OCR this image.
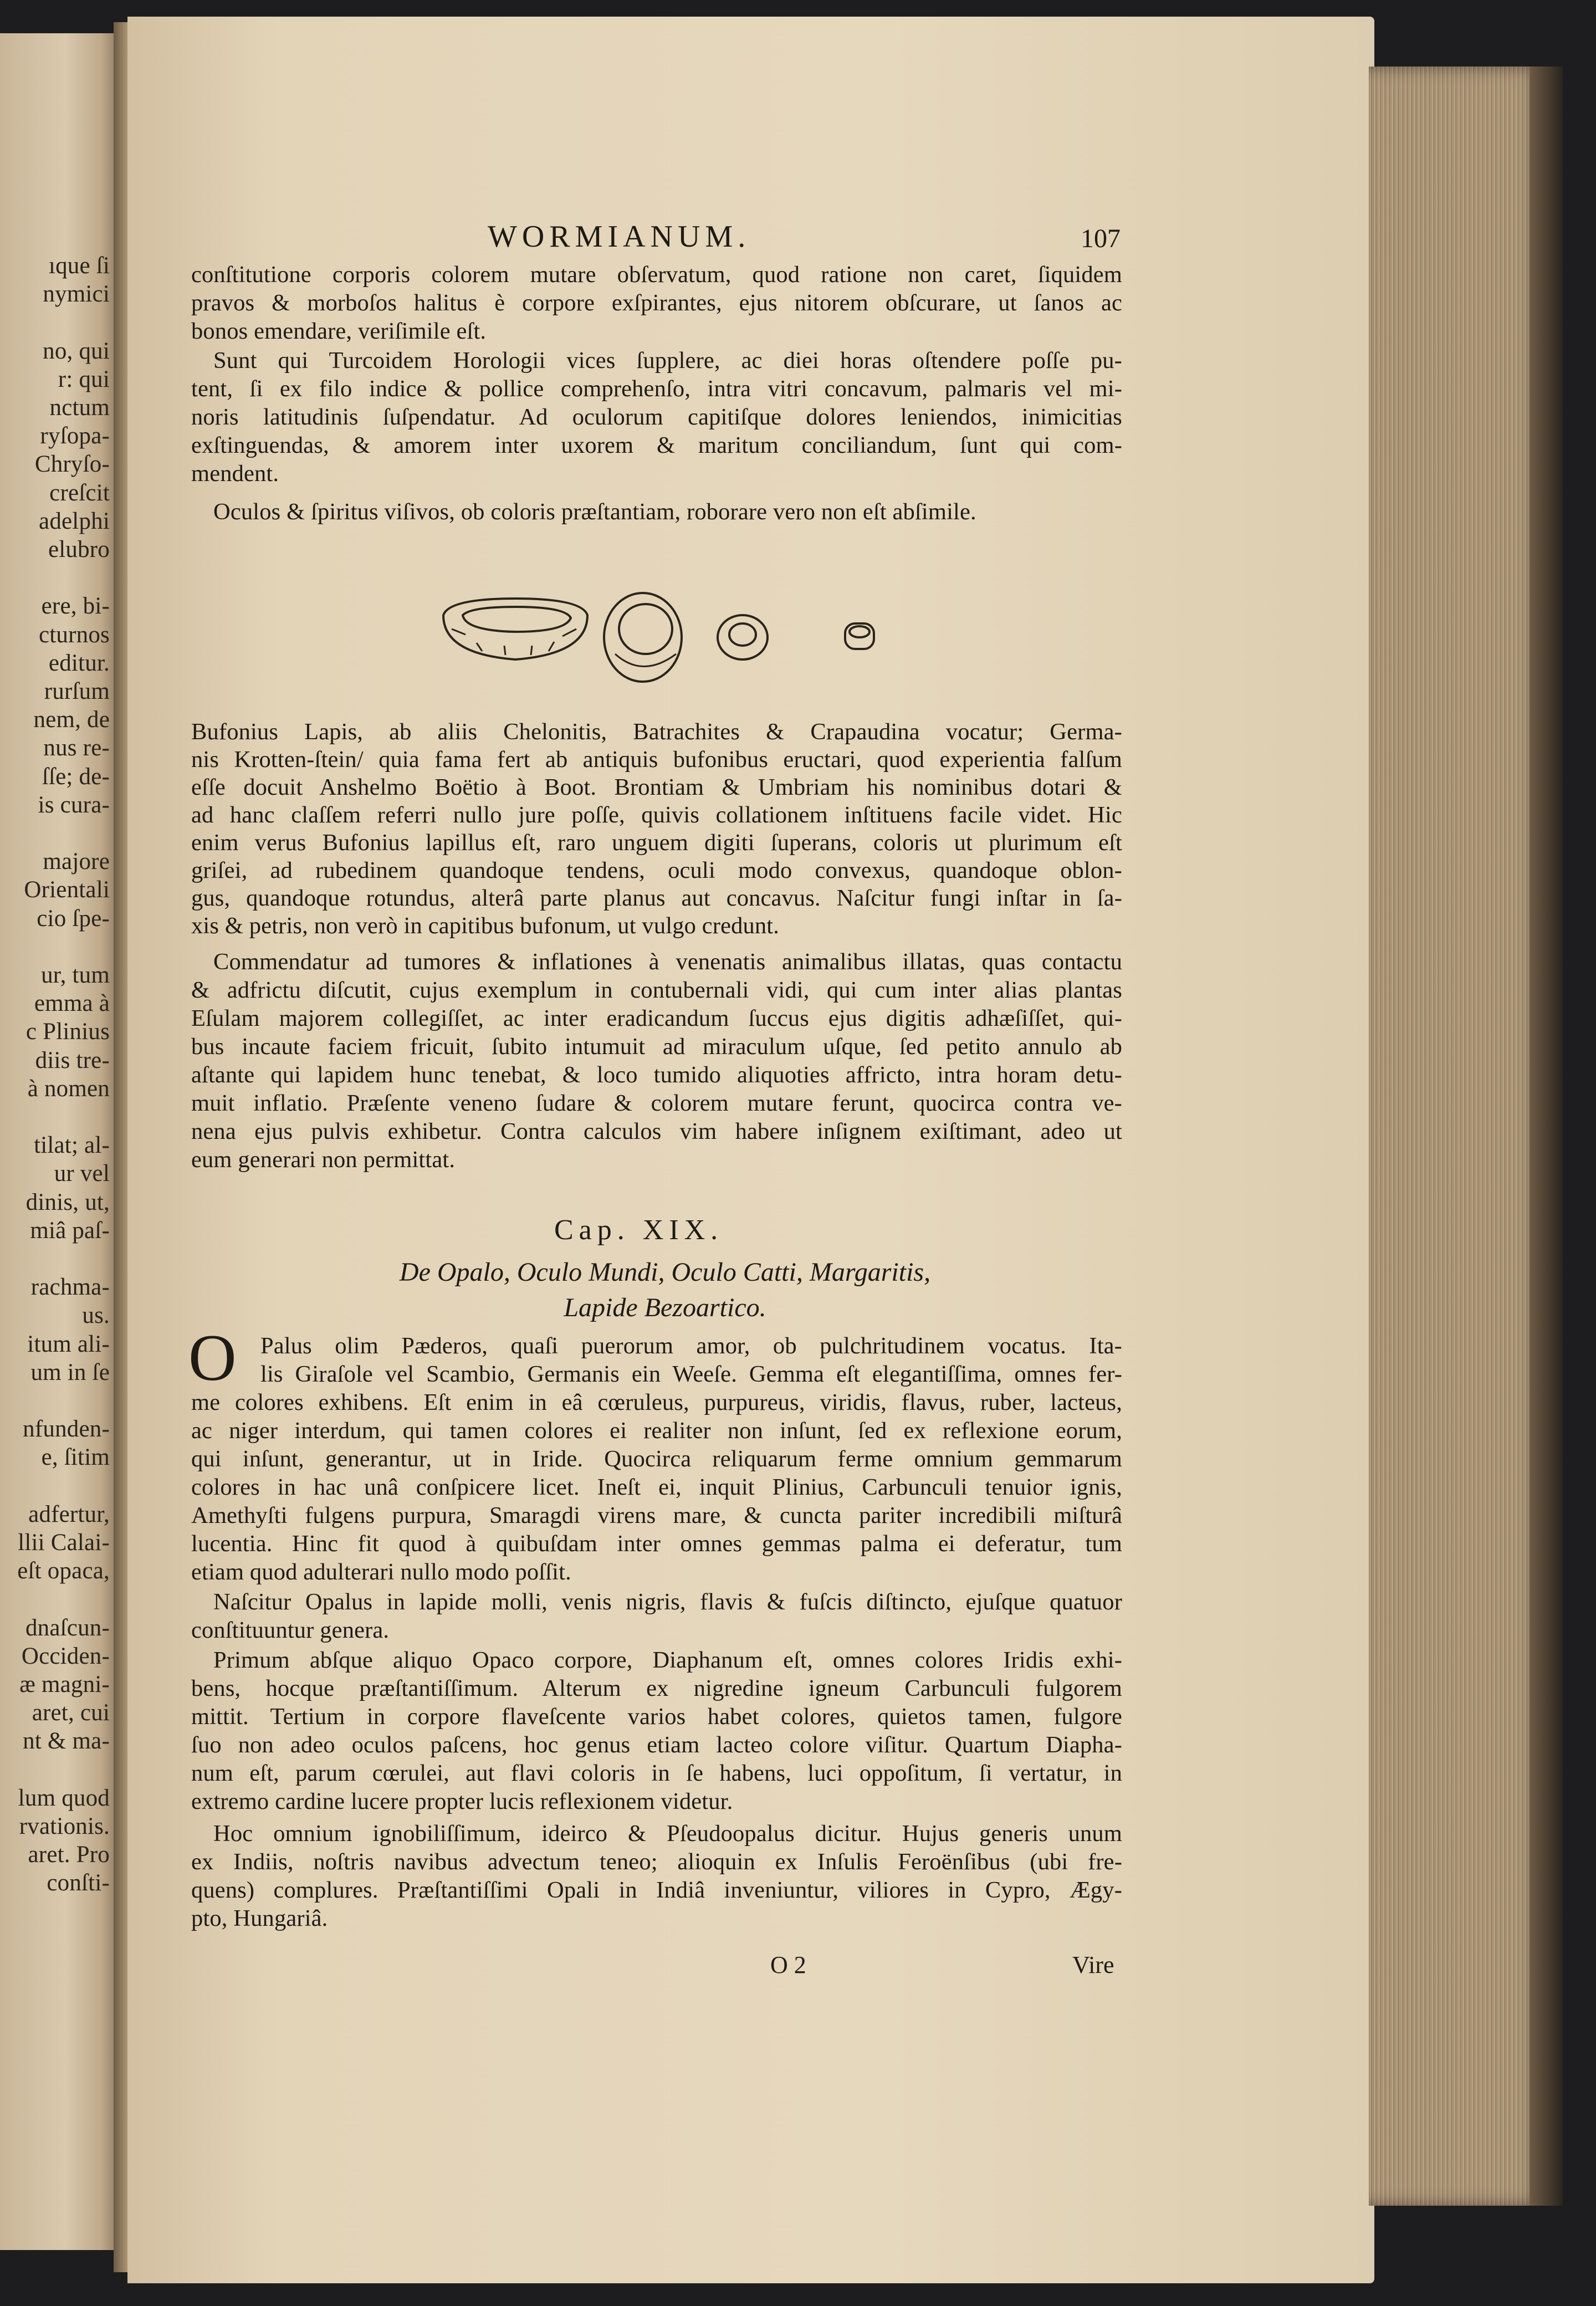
ıque ſi
nymici
no, qui
r: qui
nctum
ryſopa-
Chryſo-
creſcit
adelphi
elubro
ere, bi-
cturnos
editur.
rurſum
nem, de
nus re-
ſſe; de-
is cura-
majore
Orientali
cio ſpe-
ur, tum
emma à
c Plinius
diis tre-
à nomen
tilat; al-
ur vel
dinis, ut,
miâ paſ-
rachma-
us.
itum ali-
um in ſe
nfunden-
e, ſitim
adfertur,
llii Calai-
eſt opaca,
dnaſcun-
Occiden-
æ magni-
aret, cui
nt & ma-
lum quod
rvationis.
aret. Pro
conſti-
WORMIANUM.	107
conſtitutione corporis colorem mutare obſervatum, quod ratione non caret, ſiquidem
pravos & morboſos halitus è corpore exſpirantes, ejus nitorem obſcurare, ut ſanos ac
bonos emendare, veriſimile eſt.
Sunt qui Turcoidem Horologii vices ſupplere, ac diei horas oſtendere poſſe pu-
tent, ſi ex filo indice & pollice comprehenſo, intra vitri concavum, palmaris vel mi-
noris latitudinis ſuſpendatur. Ad oculorum capitiſque dolores leniendos, inimicitias
exſtinguendas, & amorem inter uxorem & maritum conciliandum, ſunt qui com-
mendent.
Oculos & ſpiritus viſivos, ob coloris præſtantiam, roborare vero non eſt abſimile.
Bufonius Lapis, ab aliis Chelonitis, Batrachites & Crapaudina vocatur; Germa-
nis Krotten-ſtein/ quia fama fert ab antiquis bufonibus eructari, quod experientia falſum
eſſe docuit Anshelmo Boëtio à Boot. Brontiam & Umbriam his nominibus dotari &
ad hanc claſſem referri nullo jure poſſe, quivis collationem inſtituens facile videt. Hic
enim verus Bufonius lapillus eſt, raro unguem digiti ſuperans, coloris ut plurimum eſt
griſei, ad rubedinem quandoque tendens, oculi modo convexus, quandoque oblon-
gus, quandoque rotundus, alterâ parte planus aut concavus. Naſcitur fungi inſtar in ſa-
xis & petris, non verò in capitibus bufonum, ut vulgo credunt.
Commendatur ad tumores & inflationes à venenatis animalibus illatas, quas contactu
& adfrictu diſcutit, cujus exemplum in contubernali vidi, qui cum inter alias plantas
Eſulam majorem collegiſſet, ac inter eradicandum ſuccus ejus digitis adhæſiſſet, qui-
bus incaute faciem fricuit, ſubito intumuit ad miraculum uſque, ſed petito annulo ab
aſtante qui lapidem hunc tenebat, & loco tumido aliquoties affricto, intra horam detu-
muit inflatio. Præſente veneno ſudare & colorem mutare ferunt, quocirca contra ve-
nena ejus pulvis exhibetur. Contra calculos vim habere inſignem exiſtimant, adeo ut
eum generari non permittat.
Palus olim Pæderos, quaſi puerorum amor, ob pulchritudinem vocatus. Ita-
lis Giraſole vel Scambio, Germanis ein Weeſe. Gemma eſt elegantiſſima, omnes fer-
me colores exhibens. Eſt enim in eâ cœruleus, purpureus, viridis, flavus, ruber, lacteus,
ac niger interdum, qui tamen colores ei realiter non inſunt, ſed ex reflexione eorum,
qui inſunt, generantur, ut in Iride. Quocirca reliquarum ferme omnium gemmarum
colores in hac unâ conſpicere licet. Ineſt ei, inquit Plinius, Carbunculi tenuior ignis,
Amethyſti fulgens purpura, Smaragdi virens mare, & cuncta pariter incredibili miſturâ
lucentia. Hinc fit quod à quibuſdam inter omnes gemmas palma ei deferatur, tum
etiam quod adulterari nullo modo poſſit.
Naſcitur Opalus in lapide molli, venis nigris, flavis & fuſcis diſtincto, ejuſque quatuor
conſtituuntur genera.
Primum abſque aliquo Opaco corpore, Diaphanum eſt, omnes colores Iridis exhi-
bens, hocque præſtantiſſimum. Alterum ex nigredine igneum Carbunculi fulgorem
mittit. Tertium in corpore flaveſcente varios habet colores, quietos tamen, fulgore
ſuo non adeo oculos paſcens, hoc genus etiam lacteo colore viſitur. Quartum Diapha-
num eſt, parum cœrulei, aut flavi coloris in ſe habens, luci oppoſitum, ſi vertatur, in
extremo cardine lucere propter lucis reflexionem videtur.
Hoc omnium ignobiliſſimum, ideirco & Pſeudoopalus dicitur. Hujus generis unum
ex Indiis, noſtris navibus advectum teneo; alioquin ex Inſulis Feroënſibus (ubi fre-
quens) complures. Præſtantiſſimi Opali in Indiâ inveniuntur, viliores in Cypro, Ægy-
pto, Hungariâ.
Cap. XIX.
De Opalo, Oculo Mundi, Oculo Catti, Margaritis,
Lapide Bezoartico.
O
O 2	Vire
